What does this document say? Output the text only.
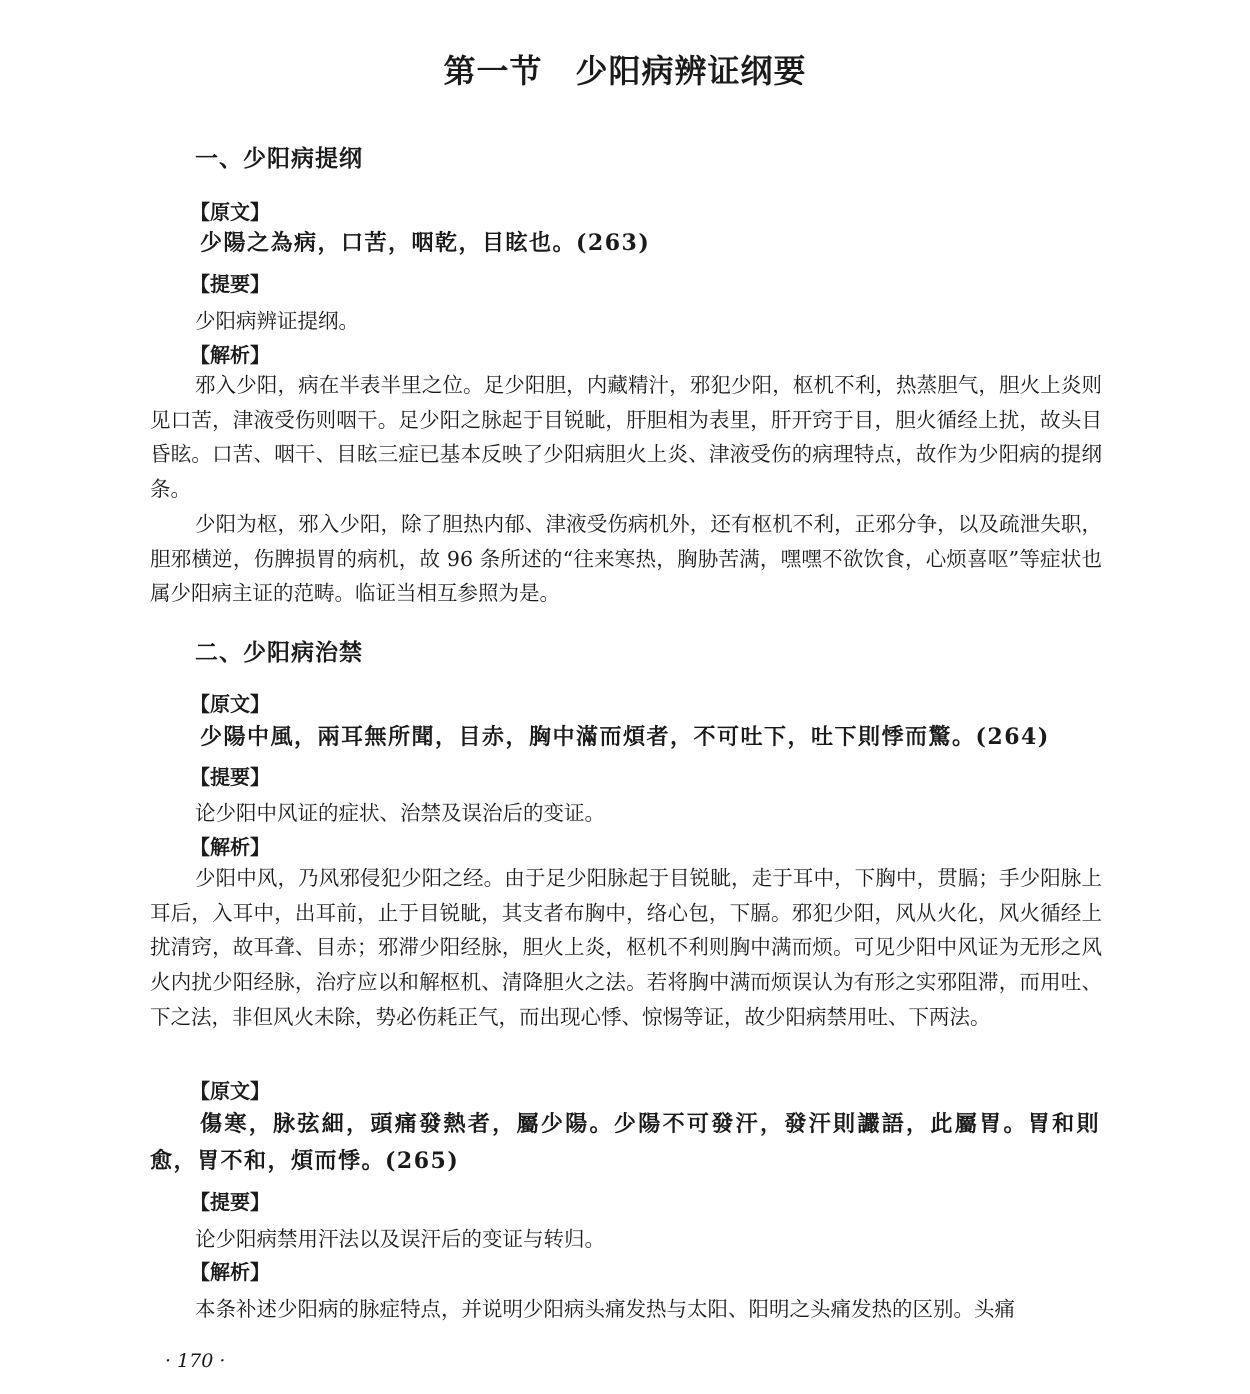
第一节　少阳病辨证纲要
一、少阳病提纲
【原文】

少陽之為病，口苦，咽乾，目眩也。(263)

【提要】

少阳病辨证提纲。

【解析】

邪入少阳，病在半表半里之位。足少阳胆，内藏精汁，邪犯少阳，枢机不利，热蒸胆气，胆火上炎则见口苦，津液受伤则咽干。足少阳之脉起于目锐眦，肝胆相为表里，肝开窍于目，胆火循经上扰，故头目昏眩。口苦、咽干、目眩三症已基本反映了少阳病胆火上炎、津液受伤的病理特点，故作为少阳病的提纲条。

少阳为枢，邪入少阳，除了胆热内郁、津液受伤病机外，还有枢机不利，正邪分争，以及疏泄失职，胆邪横逆，伤脾损胃的病机，故 96 条所述的“往来寒热，胸胁苦满，嘿嘿不欲饮食，心烦喜呕”等症状也属少阳病主证的范畴。临证当相互参照为是。

二、少阳病治禁
【原文】

少陽中風，兩耳無所聞，目赤，胸中滿而煩者，不可吐下，吐下則悸而驚。(264)

【提要】

论少阳中风证的症状、治禁及误治后的变证。

【解析】

少阳中风，乃风邪侵犯少阳之经。由于足少阳脉起于目锐眦，走于耳中，下胸中，贯膈；手少阳脉上耳后，入耳中，出耳前，止于目锐眦，其支者布胸中，络心包，下膈。邪犯少阳，风从火化，风火循经上扰清窍，故耳聋、目赤；邪滞少阳经脉，胆火上炎，枢机不利则胸中满而烦。可见少阳中风证为无形之风火内扰少阳经脉，治疗应以和解枢机、清降胆火之法。若将胸中满而烦误认为有形之实邪阻滞，而用吐、下之法，非但风火未除，势必伤耗正气，而出现心悸、惊惕等证，故少阳病禁用吐、下两法。

【原文】

傷寒，脉弦細，頭痛發熱者，屬少陽。少陽不可發汗，發汗則讝語，此屬胃。胃和則愈，胃不和，煩而悸。(265)

【提要】

论少阳病禁用汗法以及误汗后的变证与转归。

【解析】

本条补述少阳病的脉症特点，并说明少阳病头痛发热与太阳、阳明之头痛发热的区别。头痛

· 170 ·
